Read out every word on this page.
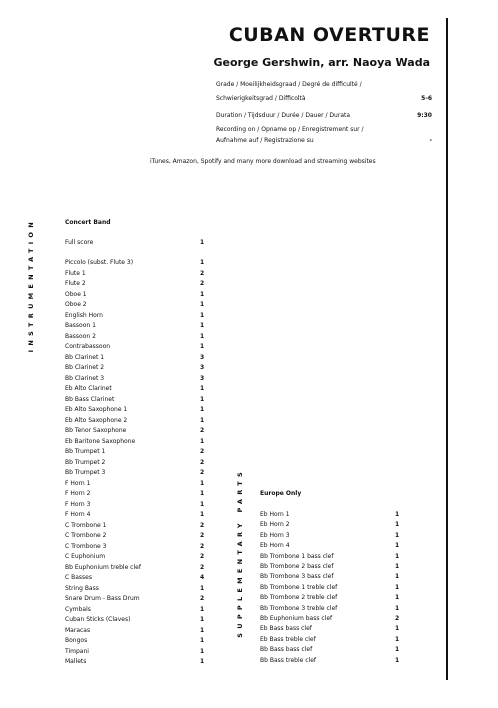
CUBAN OVERTURE
George Gershwin, arr. Naoya Wada
Grade / Moeilijkheidsgraad / Degré de difficulté /
Schwierigkeitsgrad / Difficoltà	5-6
Duration / Tijdsduur / Durée / Dauer / Durata	9:30
Recording on / Opname op / Enregistrement sur /
Aufnahme auf / Registrazione su	-
iTunes, Amazon, Spotify and many more download and streaming websites
INSTRUMENTATION
SUPPLEMENTARY PARTS
Concert Band
Full score	1
Piccolo (subst. Flute 3)	1
Flute 1	2
Flute 2	2
Oboe 1	1
Oboe 2	1
English Horn	1
Bassoon 1	1
Bassoon 2	1
Contrabassoon	1
Bb Clarinet 1	3
Bb Clarinet 2	3
Bb Clarinet 3	3
Eb Alto Clarinet	1
Bb Bass Clarinet	1
Eb Alto Saxophone 1	1
Eb Alto Saxophone 2	1
Bb Tenor Saxophone	2
Eb Baritone Saxophone	1
Bb Trumpet 1	2
Bb Trumpet 2	2
Bb Trumpet 3	2
F Horn 1	1
F Horn 2	1
F Horn 3	1
F Horn 4	1
C Trombone 1	2
C Trombone 2	2
C Trombone 3	2
C Euphonium	2
Bb Euphonium treble clef	2
C Basses	4
String Bass	1
Snare Drum - Bass Drum	2
Cymbals	1
Cuban Sticks (Claves)	1
Maracas	1
Bongos	1
Timpani	1
Mallets	1
Europe Only
Eb Horn 1	1
Eb Horn 2	1
Eb Horn 3	1
Eb Horn 4	1
Bb Trombone 1 bass clef	1
Bb Trombone 2 bass clef	1
Bb Trombone 3 bass clef	1
Bb Trombone 1 treble clef	1
Bb Trombone 2 treble clef	1
Bb Trombone 3 treble clef	1
Bb Euphonium bass clef	2
Eb Bass bass clef	1
Eb Bass treble clef	1
Bb Bass bass clef	1
Bb Bass treble clef	1
